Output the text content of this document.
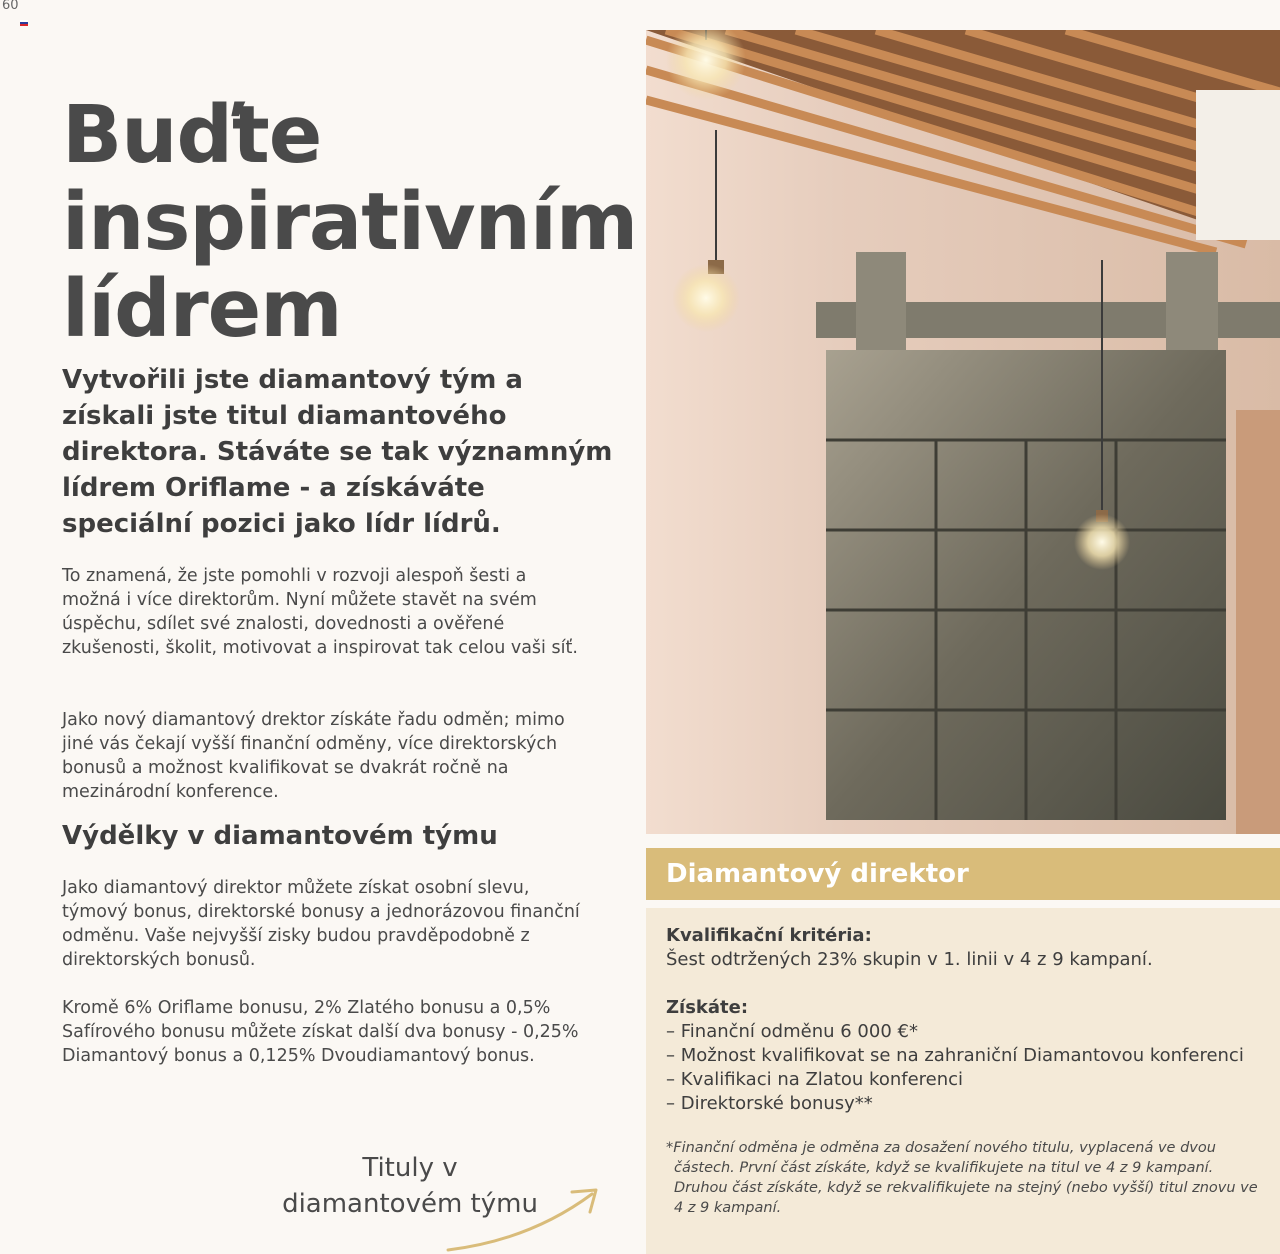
60
Buďte
inspirativním
lídrem

Vytvořili jste diamantový tým a získali jste titul diamantového direktora. Stáváte se tak významným lídrem Oriflame - a získáváte speciální pozici jako lídr lídrů.

To znamená, že jste pomohli v rozvoji alespoň šesti a možná i více direktorům. Nyní můžete stavět na svém úspěchu, sdílet své znalosti, dovednosti a ověřené zkušenosti, školit, motivovat a inspirovat tak celou vaši síť.

Jako nový diamantový drektor získáte řadu odměn; mimo jiné vás čekají vyšší finanční odměny, více direktorských bonusů a možnost kvalifikovat se dvakrát ročně na mezinárodní konference.

Výdělky v diamantovém týmu

Jako diamantový direktor můžete získat osobní slevu, týmový bonus, direktorské bonusy a jednorázovou finanční odměnu. Vaše nejvyšší zisky budou pravděpodobně z direktorských bonusů.

Kromě 6% Oriflame bonusu, 2% Zlatého bonusu a 0,5% Safírového bonusu můžete získat další dva bonusy - 0,25% Diamantový bonus a 0,125% Dvoudiamantový bonus.

Tituly v diamantovém týmu
Diamantový direktor
Kvalifikační kritéria:
Šest odtržených 23% skupin v 1. linii v 4 z 9 kampaní.
Získáte:
– Finanční odměnu 6 000 €*
– Možnost kvalifikovat se na zahraniční Diamantovou konferenci
– Kvalifikaci na Zlatou konferenci
– Direktorské bonusy**
*Finanční odměna je odměna za dosažení nového titulu, vyplacená ve dvou částech. První část získáte, když se kvalifikujete na titul ve 4 z 9 kampaní. Druhou část získáte, když se rekvalifikujete na stejný (nebo vyšší) titul znovu ve 4 z 9 kampaní.
